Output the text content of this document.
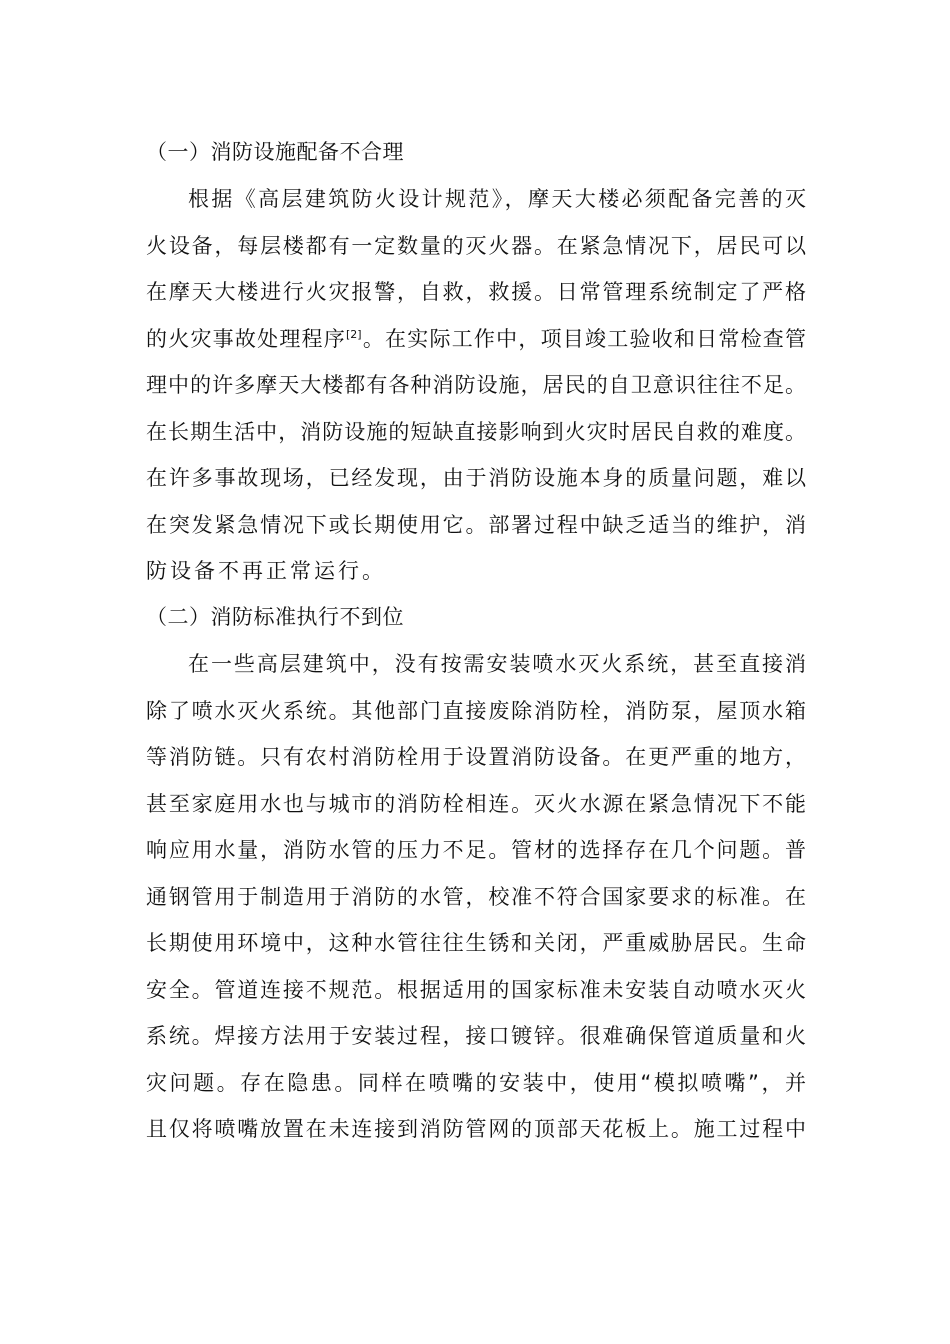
（一）消防设施配备不合理
根据《高层建筑防火设计规范》，摩天大楼必须配备完善的灭
火设备，每层楼都有一定数量的灭火器。在紧急情况下，居民可以
在摩天大楼进行火灾报警，自救，救援。日常管理系统制定了严格
的火灾事故处理程序[2]。在实际工作中，项目竣工验收和日常检查管
理中的许多摩天大楼都有各种消防设施，居民的自卫意识往往不足。
在长期生活中，消防设施的短缺直接影响到火灾时居民自救的难度。
在许多事故现场，已经发现，由于消防设施本身的质量问题，难以
在突发紧急情况下或长期使用它。部署过程中缺乏适当的维护，消
防设备不再正常运行。
（二）消防标准执行不到位
在一些高层建筑中，没有按需安装喷水灭火系统，甚至直接消
除了喷水灭火系统。其他部门直接废除消防栓，消防泵，屋顶水箱
等消防链。只有农村消防栓用于设置消防设备。在更严重的地方，
甚至家庭用水也与城市的消防栓相连。灭火水源在紧急情况下不能
响应用水量，消防水管的压力不足。管材的选择存在几个问题。普
通钢管用于制造用于消防的水管，校准不符合国家要求的标准。在
长期使用环境中，这种水管往往生锈和关闭，严重威胁居民。生命
安全。管道连接不规范。根据适用的国家标准未安装自动喷水灭火
系统。焊接方法用于安装过程，接口镀锌。很难确保管道质量和火
灾问题。存在隐患。同样在喷嘴的安装中，使用“模拟喷嘴”，并
且仅将喷嘴放置在未连接到消防管网的顶部天花板上。施工过程中
